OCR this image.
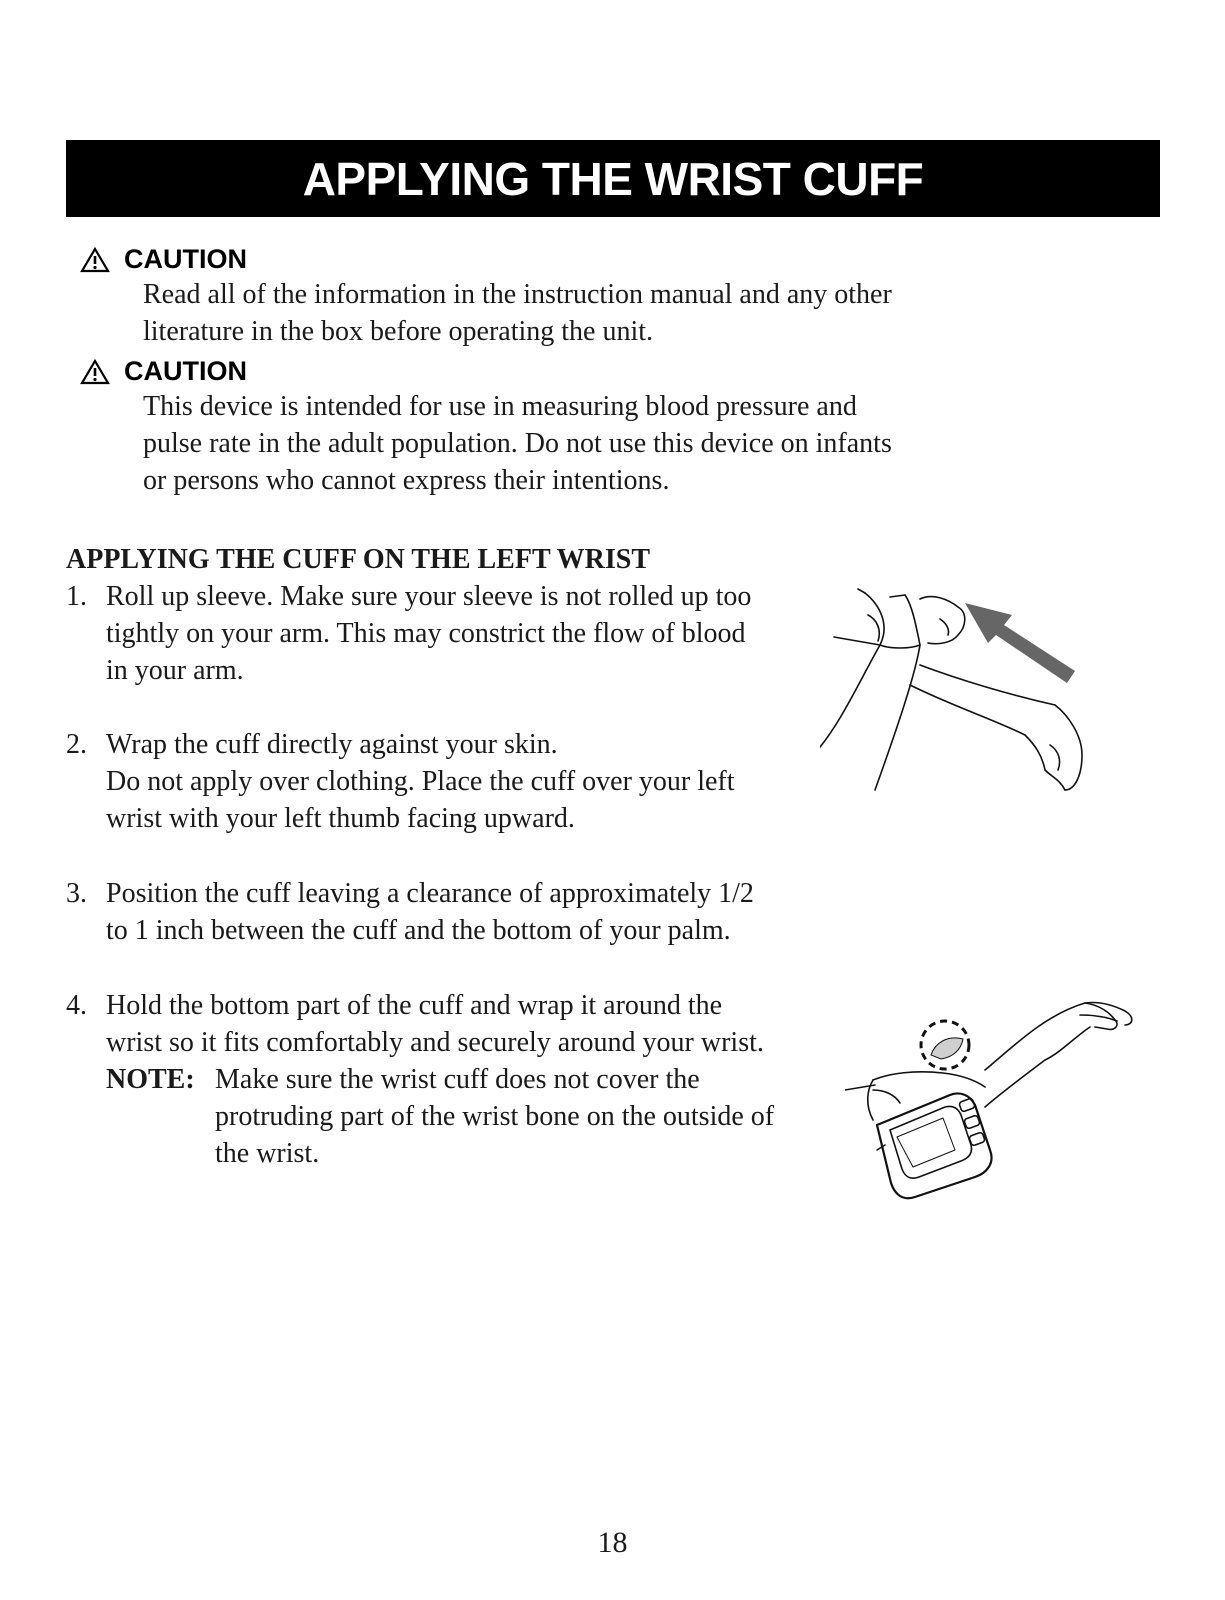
APPLYING THE WRIST CUFF
CAUTION
Read all of the information in the instruction manual and any other
literature in the box before operating the unit.
CAUTION
This device is intended for use in measuring blood pressure and
pulse rate in the adult population. Do not use this device on infants
or persons who cannot express their intentions.
APPLYING THE CUFF ON THE LEFT WRIST
1. Roll up sleeve. Make sure your sleeve is not rolled up too
tightly on your arm. This may constrict the flow of blood
in your arm.
2. Wrap the cuff directly against your skin.
Do not apply over clothing. Place the cuff over your left
wrist with your left thumb facing upward.
3. Position the cuff leaving a clearance of approximately 1/2
to 1 inch between the cuff and the bottom of your palm.
4. Hold the bottom part of the cuff and wrap it around the
wrist so it fits comfortably and securely around your wrist.
NOTE: Make sure the wrist cuff does not cover the
protruding part of the wrist bone on the outside of
the wrist.
18
